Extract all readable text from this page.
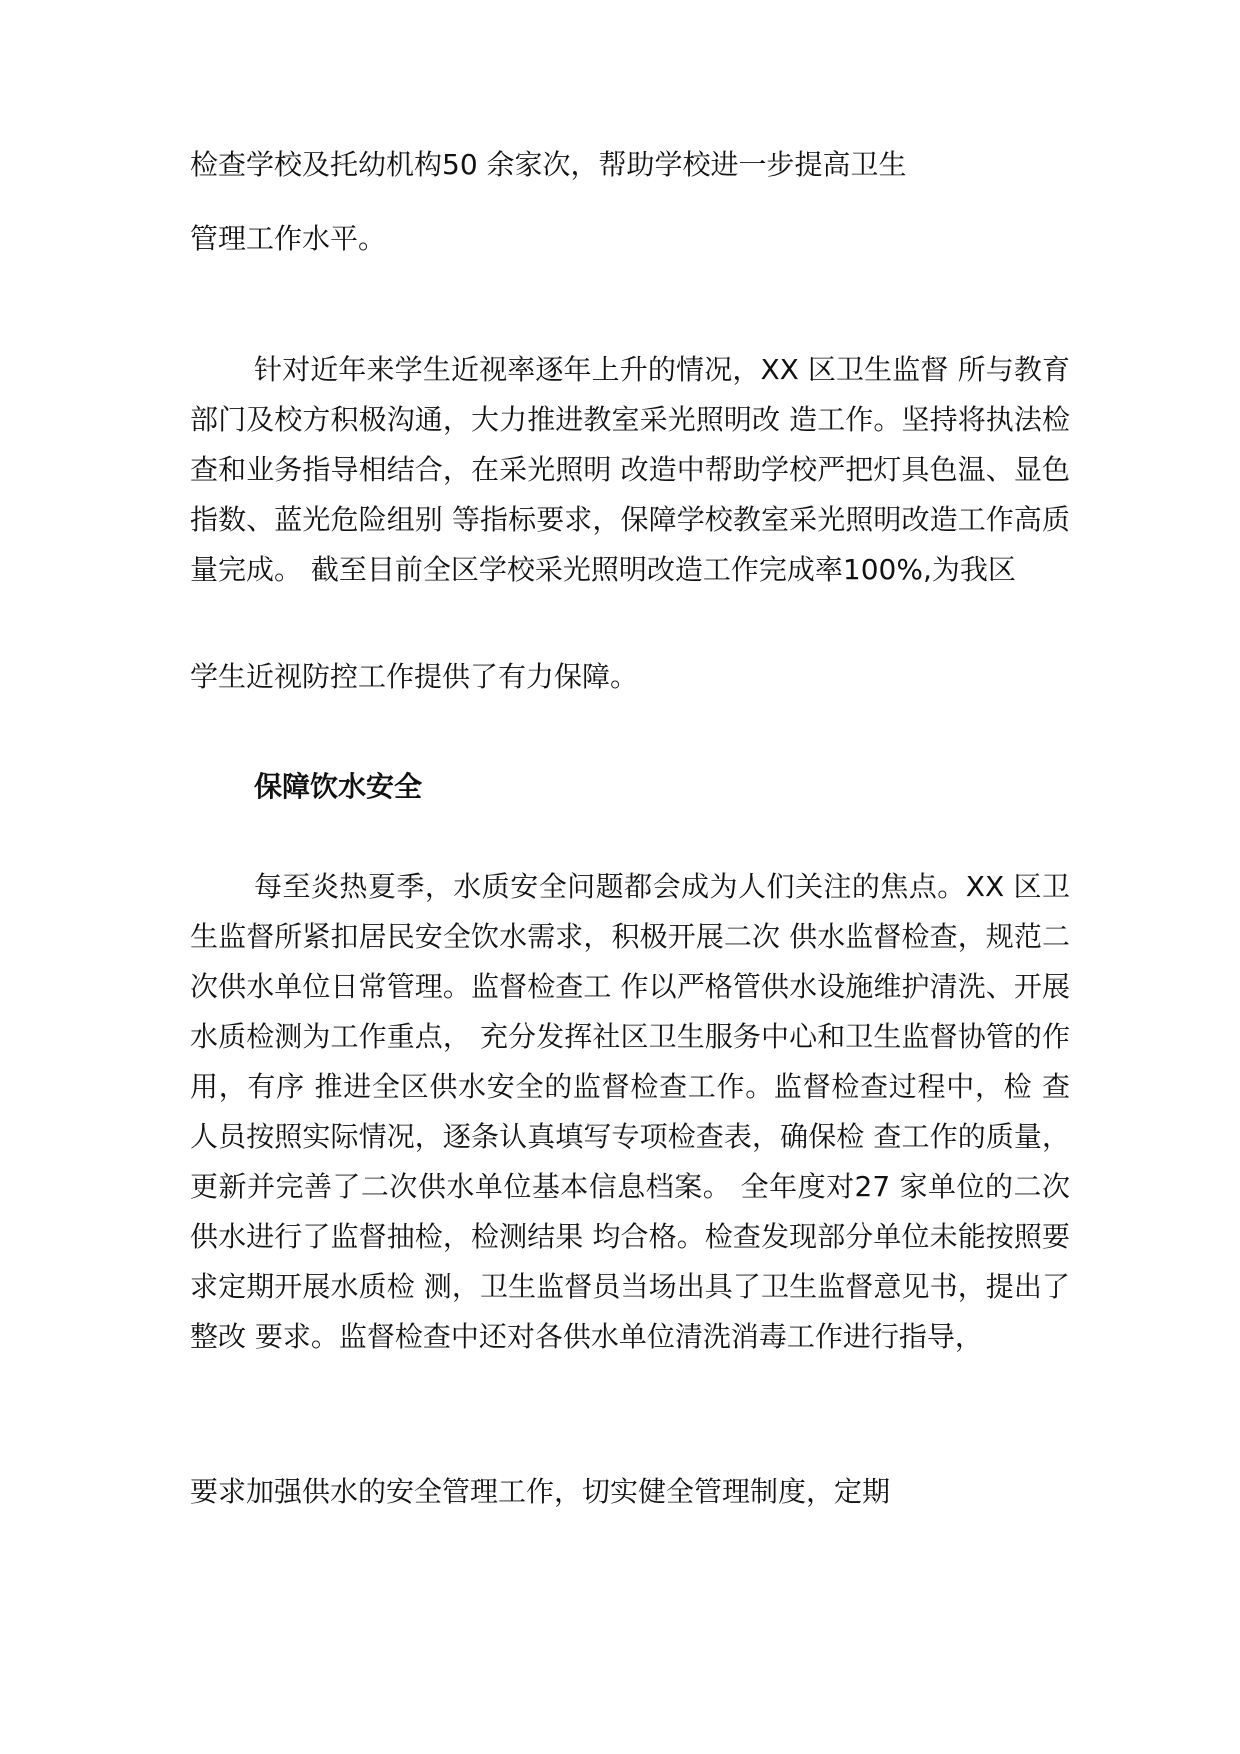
检查学校及托幼机构50 余家次，帮助学校进一步提高卫生

管理工作水平。

针对近年来学生近视率逐年上升的情况，XX 区卫生监督 所与教育部门及校方积极沟通，大力推进教室采光照明改 造工作。坚持将执法检查和业务指导相结合，在采光照明 改造中帮助学校严把灯具色温、显色指数、蓝光危险组别 等指标要求，保障学校教室采光照明改造工作高质量完成。 截至目前全区学校采光照明改造工作完成率100%,为我区

学生近视防控工作提供了有力保障。

保障饮水安全

每至炎热夏季，水质安全问题都会成为人们关注的焦点。XX 区卫生监督所紧扣居民安全饮水需求，积极开展二次 供水监督检查，规范二次供水单位日常管理。监督检查工 作以严格管供水设施维护清洗、开展水质检测为工作重点， 充分发挥社区卫生服务中心和卫生监督协管的作用，有序 推进全区供水安全的监督检查工作。监督检查过程中，检 查人员按照实际情况，逐条认真填写专项检查表，确保检 查工作的质量，更新并完善了二次供水单位基本信息档案。 全年度对27 家单位的二次供水进行了监督抽检，检测结果 均合格。检查发现部分单位未能按照要求定期开展水质检 测，卫生监督员当场出具了卫生监督意见书，提出了整改 要求。监督检查中还对各供水单位清洗消毒工作进行指导，

要求加强供水的安全管理工作，切实健全管理制度，定期
